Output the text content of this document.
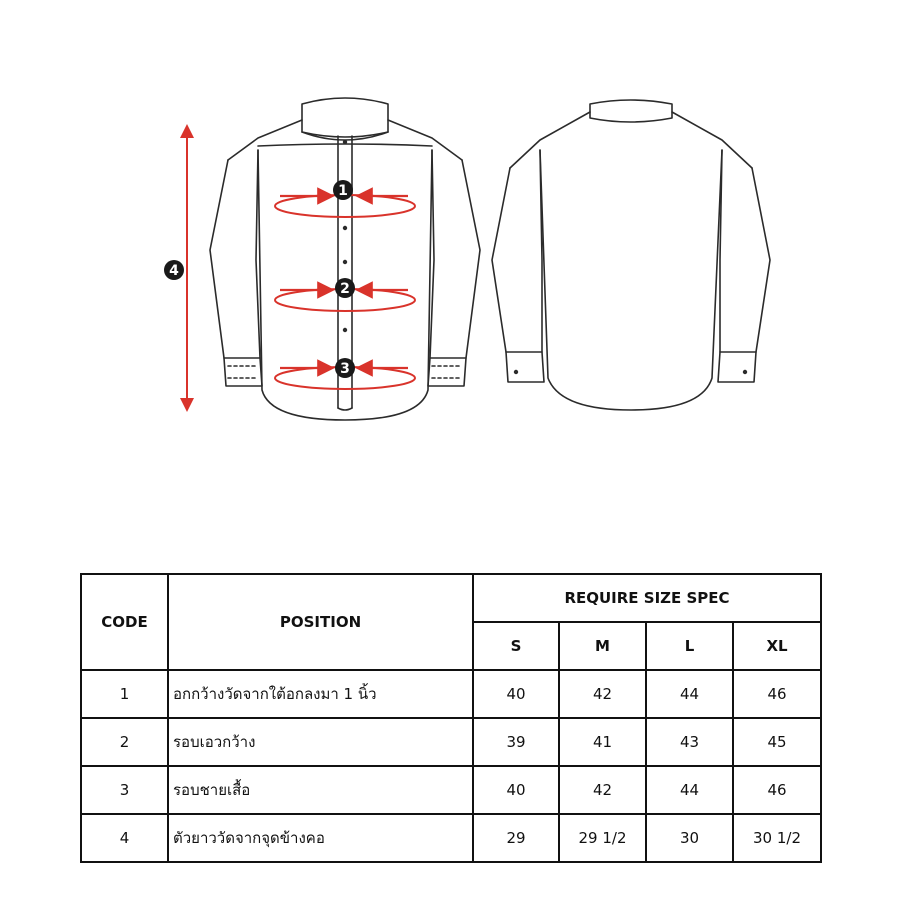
1
2
3
4
CODE	POSITION	REQUIRE SIZE SPEC			
		S	M	L	XL
1	อกกว้างวัดจากใต้อกลงมา 1 นิ้ว	40	42	44	46
2	รอบเอวกว้าง	39	41	43	45
3	รอบชายเสื้อ	40	42	44	46
4	ตัวยาววัดจากจุดข้างคอ	29	29 1/2	30	30 1/2
